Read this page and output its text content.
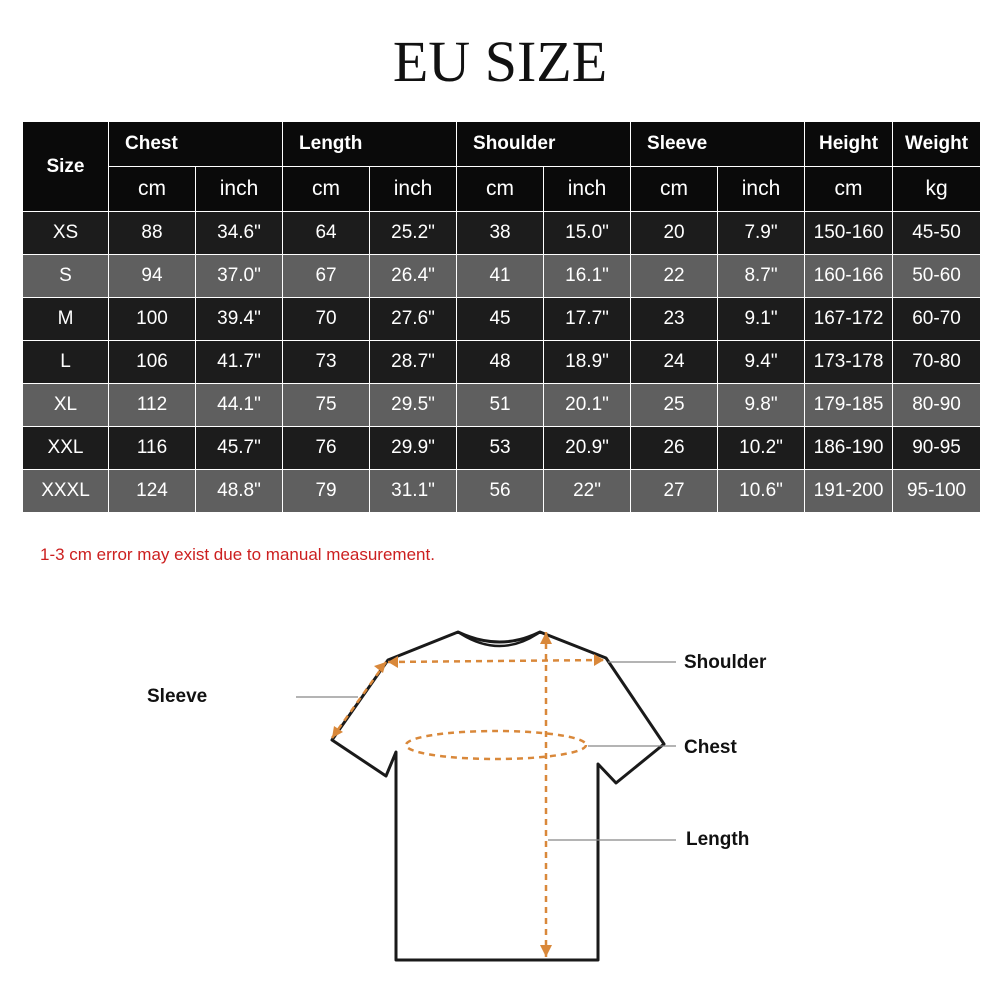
EU SIZE
Size	Chest		Length		Shoulder		Sleeve		Height	Weight
	cm	inch	cm	inch	cm	inch	cm	inch	cm	kg
XS	88	34.6"	64	25.2"	38	15.0"	20	7.9"	150-160	45-50
S	94	37.0"	67	26.4"	41	16.1"	22	8.7"	160-166	50-60
M	100	39.4"	70	27.6"	45	17.7"	23	9.1"	167-172	60-70
L	106	41.7"	73	28.7"	48	18.9"	24	9.4"	173-178	70-80
XL	112	44.1"	75	29.5"	51	20.1"	25	9.8"	179-185	80-90
XXL	116	45.7"	76	29.9"	53	20.9"	26	10.2"	186-190	90-95
XXXL	124	48.8"	79	31.1"	56	22"	27	10.6"	191-200	95-100
1-3 cm error may exist due to manual measurement.
Sleeve
Shoulder
Chest
Length
